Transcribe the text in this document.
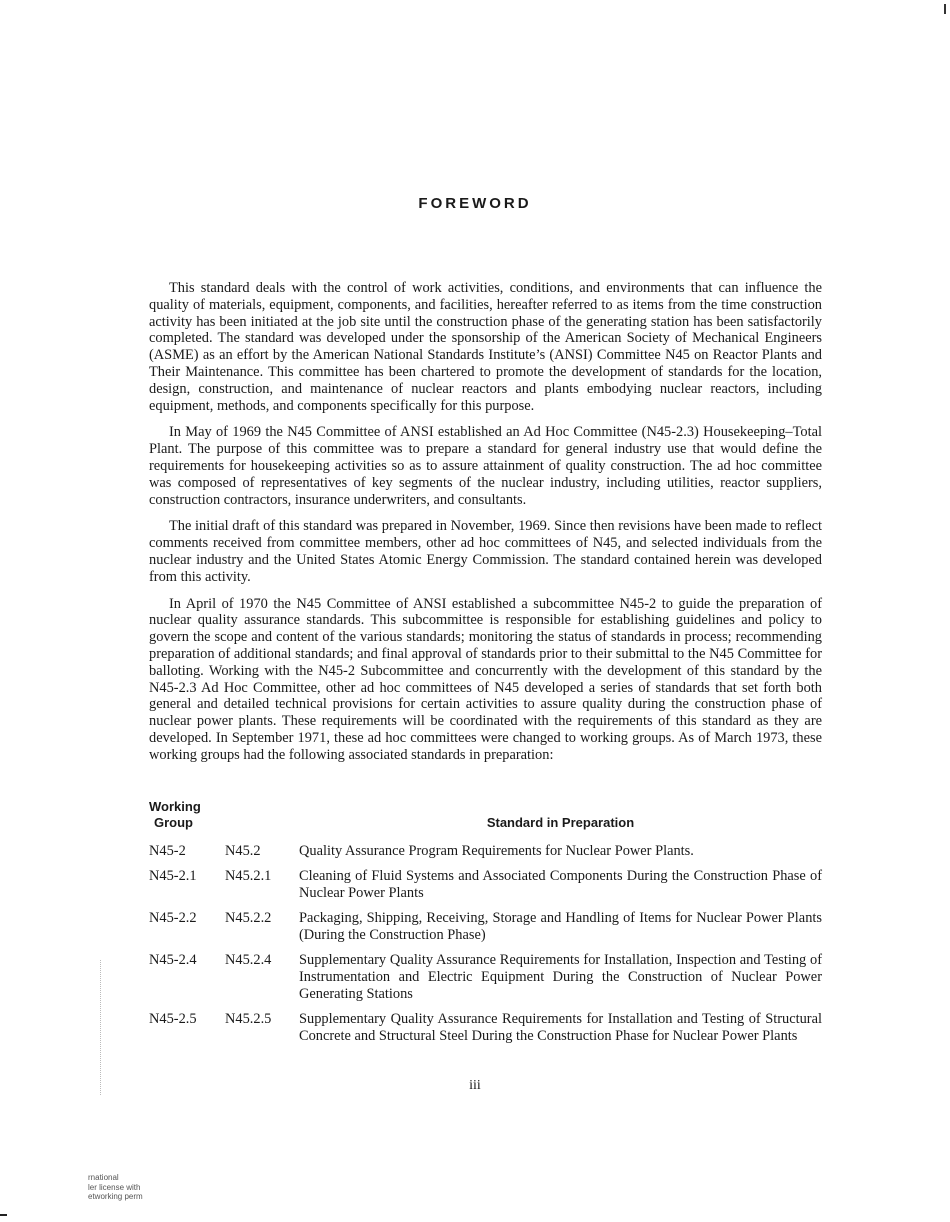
FOREWORD

This standard deals with the control of work activities, conditions, and environments that can influence the quality of materials, equipment, components, and facilities, hereafter referred to as items from the time construction activity has been initiated at the job site until the construction phase of the generating station has been satisfactorily completed. The standard was developed under the sponsorship of the American Society of Mechanical Engineers (ASME) as an effort by the American National Standards Institute’s (ANSI) Committee N45 on Reactor Plants and Their Maintenance. This committee has been chartered to promote the development of standards for the location, design, construction, and maintenance of nuclear reactors and plants embodying nuclear reactors, including equipment, methods, and components specifically for this purpose.

In May of 1969 the N45 Committee of ANSI established an Ad Hoc Committee (N45-2.3) Housekeeping–Total Plant. The purpose of this committee was to prepare a standard for general industry use that would define the requirements for housekeeping activities so as to assure attainment of quality construction. The ad hoc committee was composed of representatives of key segments of the nuclear industry, including utilities, reactor suppliers, construction contractors, insurance underwriters, and consultants.

The initial draft of this standard was prepared in November, 1969. Since then revisions have been made to reflect comments received from committee members, other ad hoc committees of N45, and selected individuals from the nuclear industry and the United States Atomic Energy Commission. The standard contained herein was developed from this activity.

In April of 1970 the N45 Committee of ANSI established a subcommittee N45-2 to guide the preparation of nuclear quality assurance standards. This subcommittee is responsible for establishing guidelines and policy to govern the scope and content of the various standards; monitoring the status of standards in process; recommending preparation of additional standards; and final approval of standards prior to their submittal to the N45 Committee for balloting. Working with the N45-2 Subcommittee and concurrently with the development of this standard by the N45-2.3 Ad Hoc Committee, other ad hoc committees of N45 developed a series of standards that set forth both general and detailed technical provisions for certain activities to assure quality during the construction phase of nuclear power plants. These requirements will be coordinated with the requirements of this standard as they are developed. In September 1971, these ad hoc committees were changed to working groups. As of March 1973, these working groups had the following associated standards in preparation:

Working
Group	Standard in Preparation
N45-2	N45.2	Quality Assurance Program Requirements for Nuclear Power Plants.
N45-2.1 N45.2.1 Cleaning of Fluid Systems and Associated Components During the Construction Phase of Nuclear Power Plants
N45-2.2 N45.2.2 Packaging, Shipping, Receiving, Storage and Handling of Items for Nuclear Power Plants (During the Construction Phase)
N45-2.4 N45.2.4 Supplementary Quality Assurance Requirements for Installation, Inspection and Testing of Instrumentation and Electric Equipment During the Construction of Nuclear Power Generating Stations
N45-2.5 N45.2.5 Supplementary Quality Assurance Requirements for Installation and Testing of Structural Concrete and Structural Steel During the Construction Phase for Nuclear Power Plants
iii
rnational
ler license with
etworking perm
